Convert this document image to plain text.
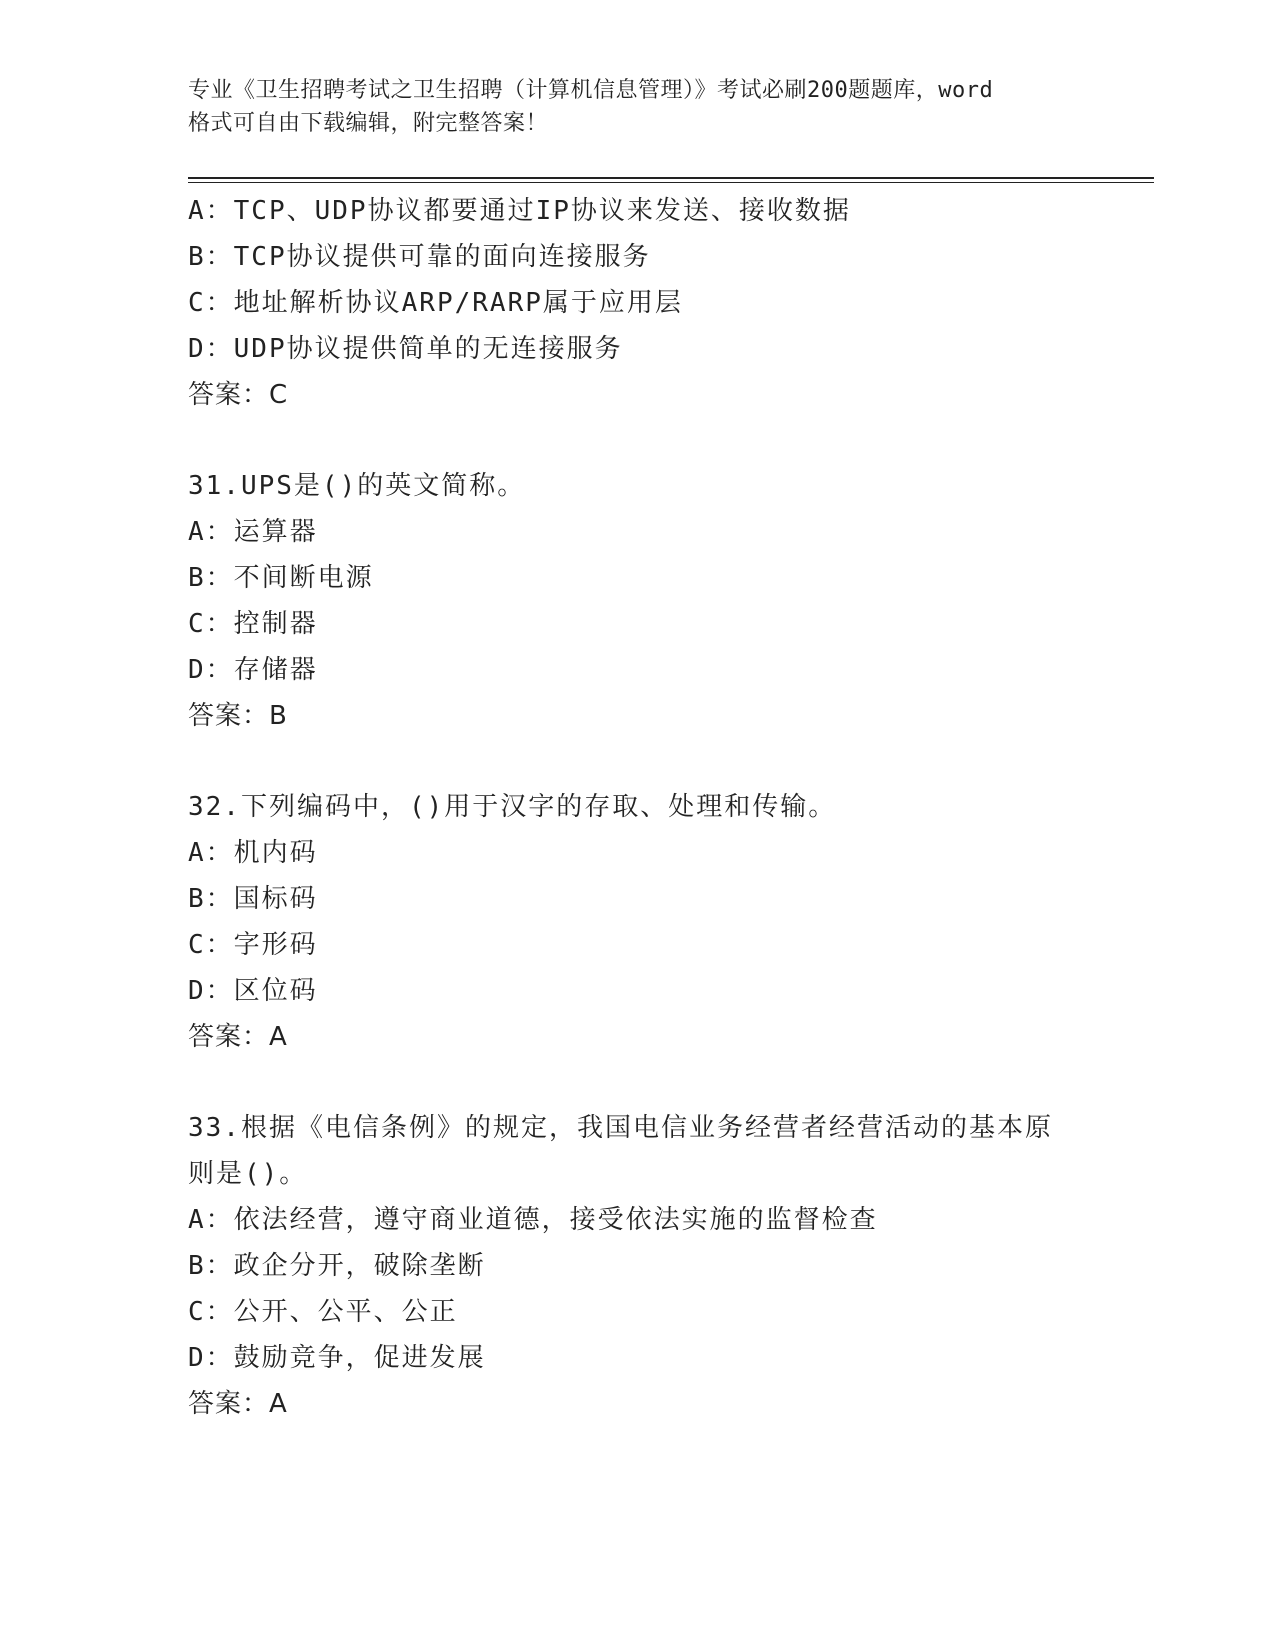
专业《卫生招聘考试之卫生招聘（计算机信息管理）》考试必刷200题题库，word
格式可自由下载编辑，附完整答案！
A：TCP、UDP协议都要通过IP协议来发送、接收数据
B：TCP协议提供可靠的面向连接服务
C：地址解析协议ARP/RARP属于应用层
D：UDP协议提供简单的无连接服务
答案：C
31.UPS是()的英文简称。
A：运算器
B：不间断电源
C：控制器
D：存储器
答案：B
32.下列编码中，()用于汉字的存取、处理和传输。
A：机内码
B：国标码
C：字形码
D：区位码
答案：A
33.根据《电信条例》的规定，我国电信业务经营者经营活动的基本原
则是()。
A：依法经营，遵守商业道德，接受依法实施的监督检查
B：政企分开，破除垄断
C：公开、公平、公正
D：鼓励竞争，促进发展
答案：A
